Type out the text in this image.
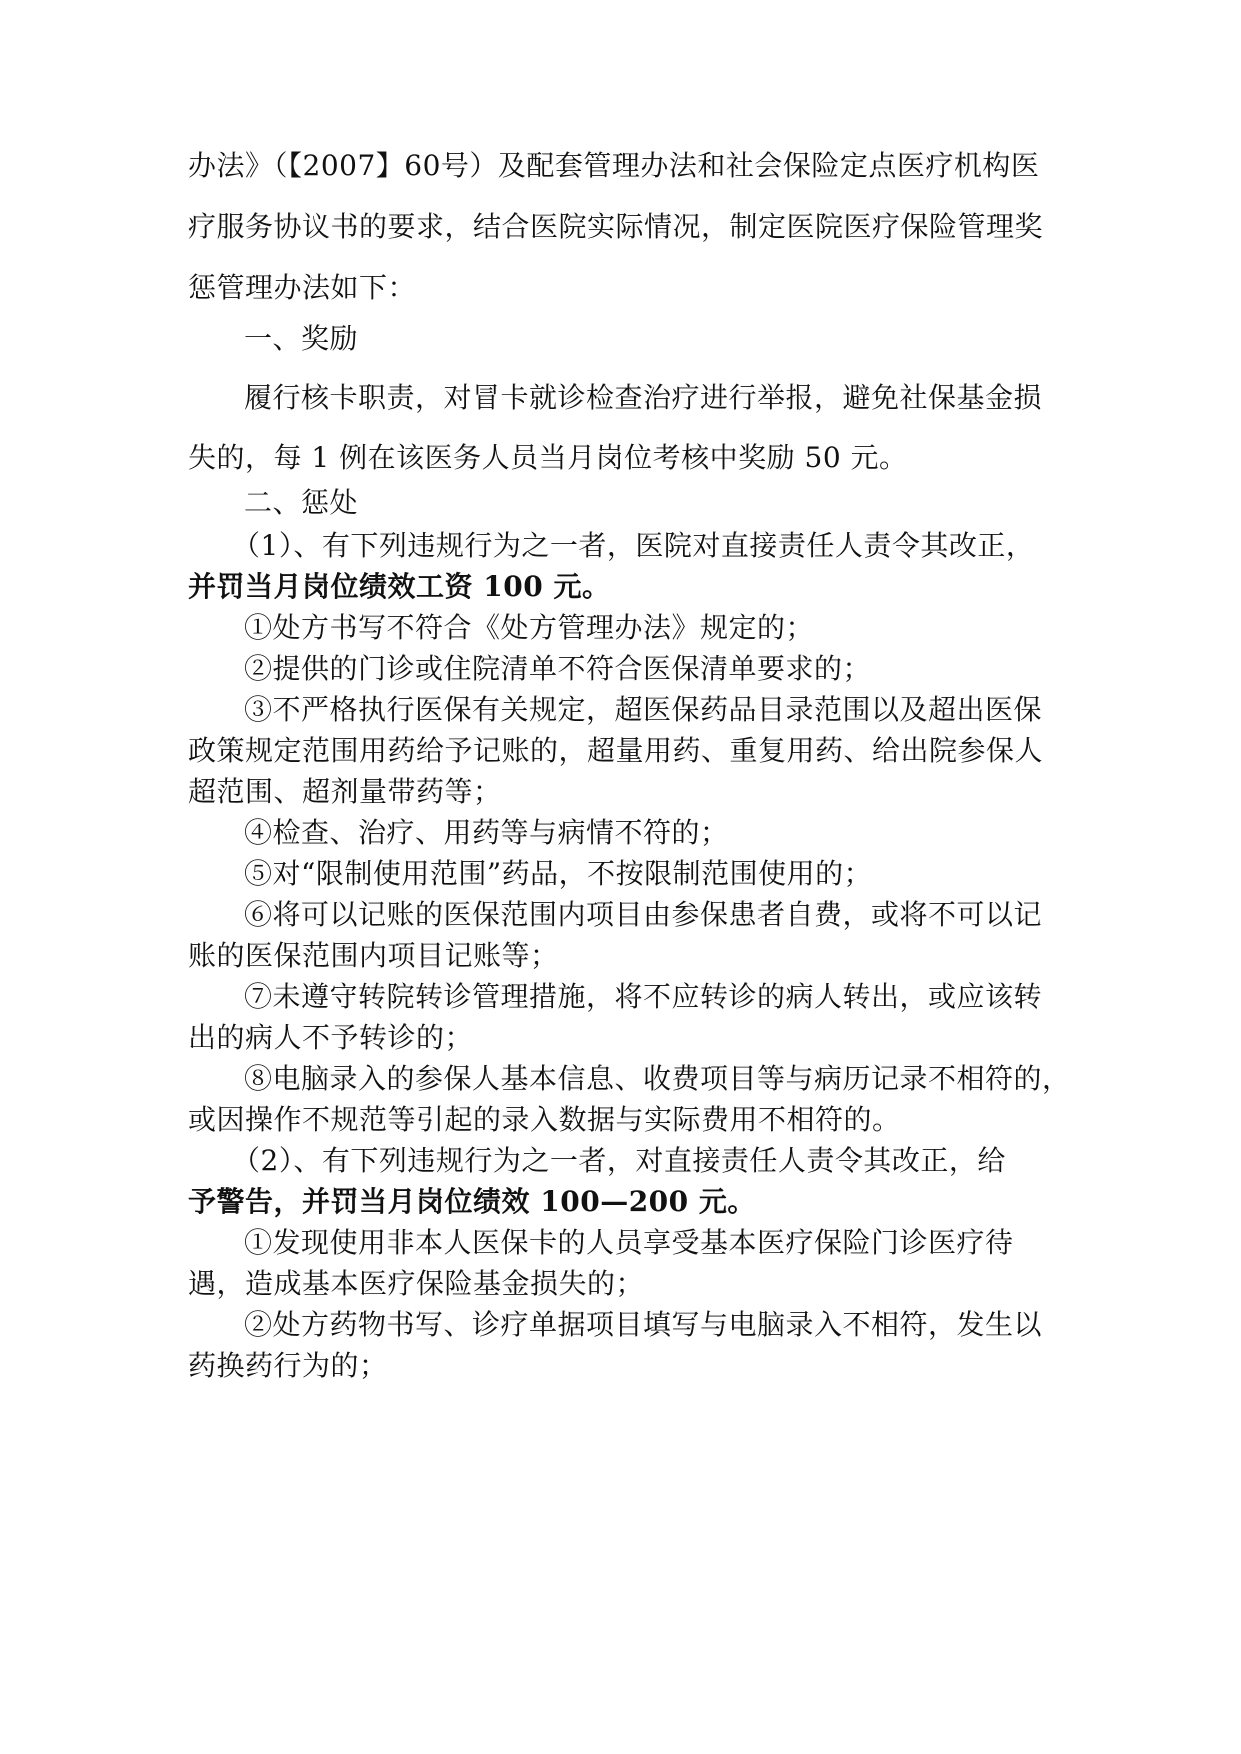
办法》（【2007】60号）及配套管理办法和社会保险定点医疗机构医
疗服务协议书的要求，结合医院实际情况，制定医院医疗保险管理奖
惩管理办法如下：
一、奖励
履行核卡职责，对冒卡就诊检查治疗进行举报，避免社保基金损
失的，每 1 例在该医务人员当月岗位考核中奖励 50 元。
二、惩处
（1）、有下列违规行为之一者，医院对直接责任人责令其改正，
并罚当月岗位绩效工资 100 元。
①处方书写不符合《处方管理办法》规定的；
②提供的门诊或住院清单不符合医保清单要求的；
③不严格执行医保有关规定，超医保药品目录范围以及超出医保
政策规定范围用药给予记账的，超量用药、重复用药、给出院参保人
超范围、超剂量带药等；
④检查、治疗、用药等与病情不符的；
⑤对“限制使用范围”药品，不按限制范围使用的；
⑥将可以记账的医保范围内项目由参保患者自费，或将不可以记
账的医保范围内项目记账等；
⑦未遵守转院转诊管理措施，将不应转诊的病人转出，或应该转
出的病人不予转诊的；
⑧电脑录入的参保人基本信息、收费项目等与病历记录不相符的，
或因操作不规范等引起的录入数据与实际费用不相符的。
（2）、有下列违规行为之一者，对直接责任人责令其改正，给
予警告，并罚当月岗位绩效 100—200 元。
①发现使用非本人医保卡的人员享受基本医疗保险门诊医疗待
遇，造成基本医疗保险基金损失的；
②处方药物书写、诊疗单据项目填写与电脑录入不相符，发生以
药换药行为的；
